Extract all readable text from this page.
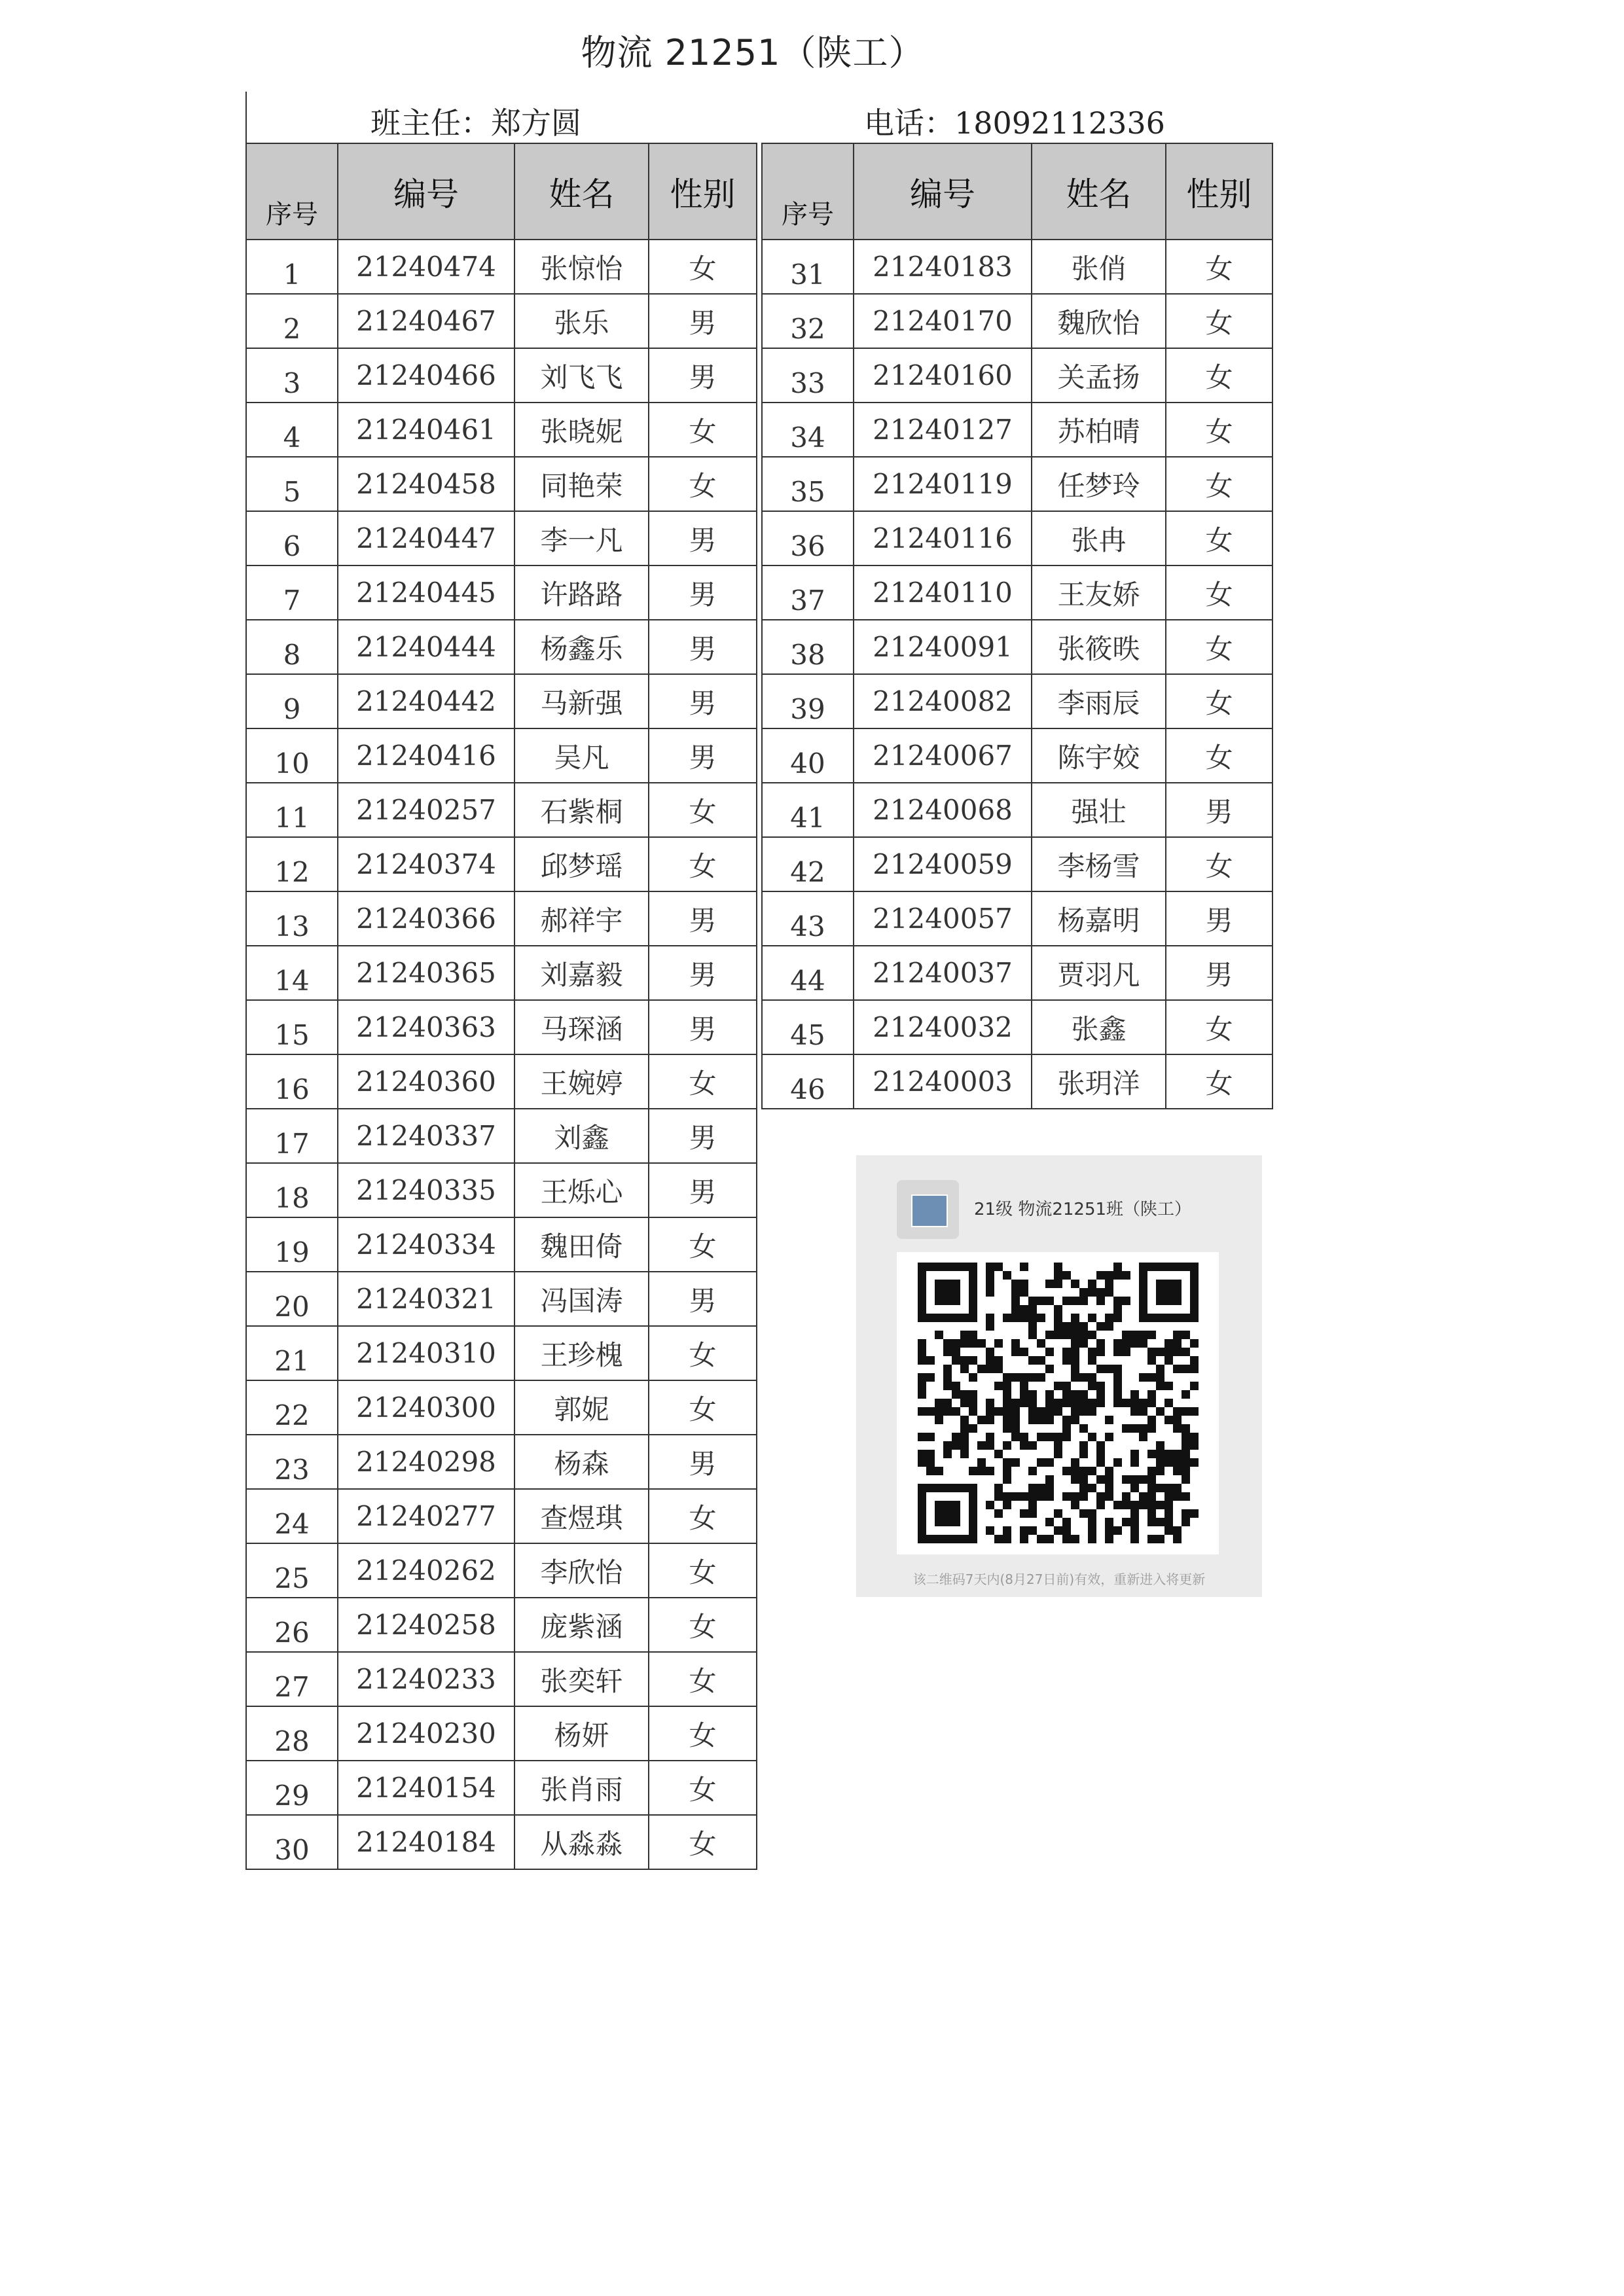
物流 21251（陕工）
班主任：郑方圆	电话：18092112336
序号	编号	姓名	性别
1	21240474	张惊怡	女
2	21240467	张乐	男
3	21240466	刘飞飞	男
4	21240461	张晓妮	女
5	21240458	同艳荣	女
6	21240447	李一凡	男
7	21240445	许路路	男
8	21240444	杨鑫乐	男
9	21240442	马新强	男
10	21240416	吴凡	男
11	21240257	石紫桐	女
12	21240374	邱梦瑶	女
13	21240366	郝祥宇	男
14	21240365	刘嘉毅	男
15	21240363	马琛涵	男
16	21240360	王婉婷	女
17	21240337	刘鑫	男
18	21240335	王烁心	男
19	21240334	魏田倚	女
20	21240321	冯国涛	男
21	21240310	王珍槐	女
22	21240300	郭妮	女
23	21240298	杨森	男
24	21240277	查煜琪	女
25	21240262	李欣怡	女
26	21240258	庞紫涵	女
27	21240233	张奕轩	女
28	21240230	杨妍	女
29	21240154	张肖雨	女
30	21240184	从淼淼	女
序号	编号	姓名	性别
31	21240183	张俏	女
32	21240170	魏欣怡	女
33	21240160	关孟扬	女
34	21240127	苏柏晴	女
35	21240119	任梦玲	女
36	21240116	张冉	女
37	21240110	王友娇	女
38	21240091	张筱昳	女
39	21240082	李雨辰	女
40	21240067	陈宇姣	女
41	21240068	强壮	男
42	21240059	李杨雪	女
43	21240057	杨嘉明	男
44	21240037	贾羽凡	男
45	21240032	张鑫	女
46	21240003	张玥洋	女
21级 物流21251班（陕工）
该二维码7天内(8月27日前)有效，重新进入将更新
